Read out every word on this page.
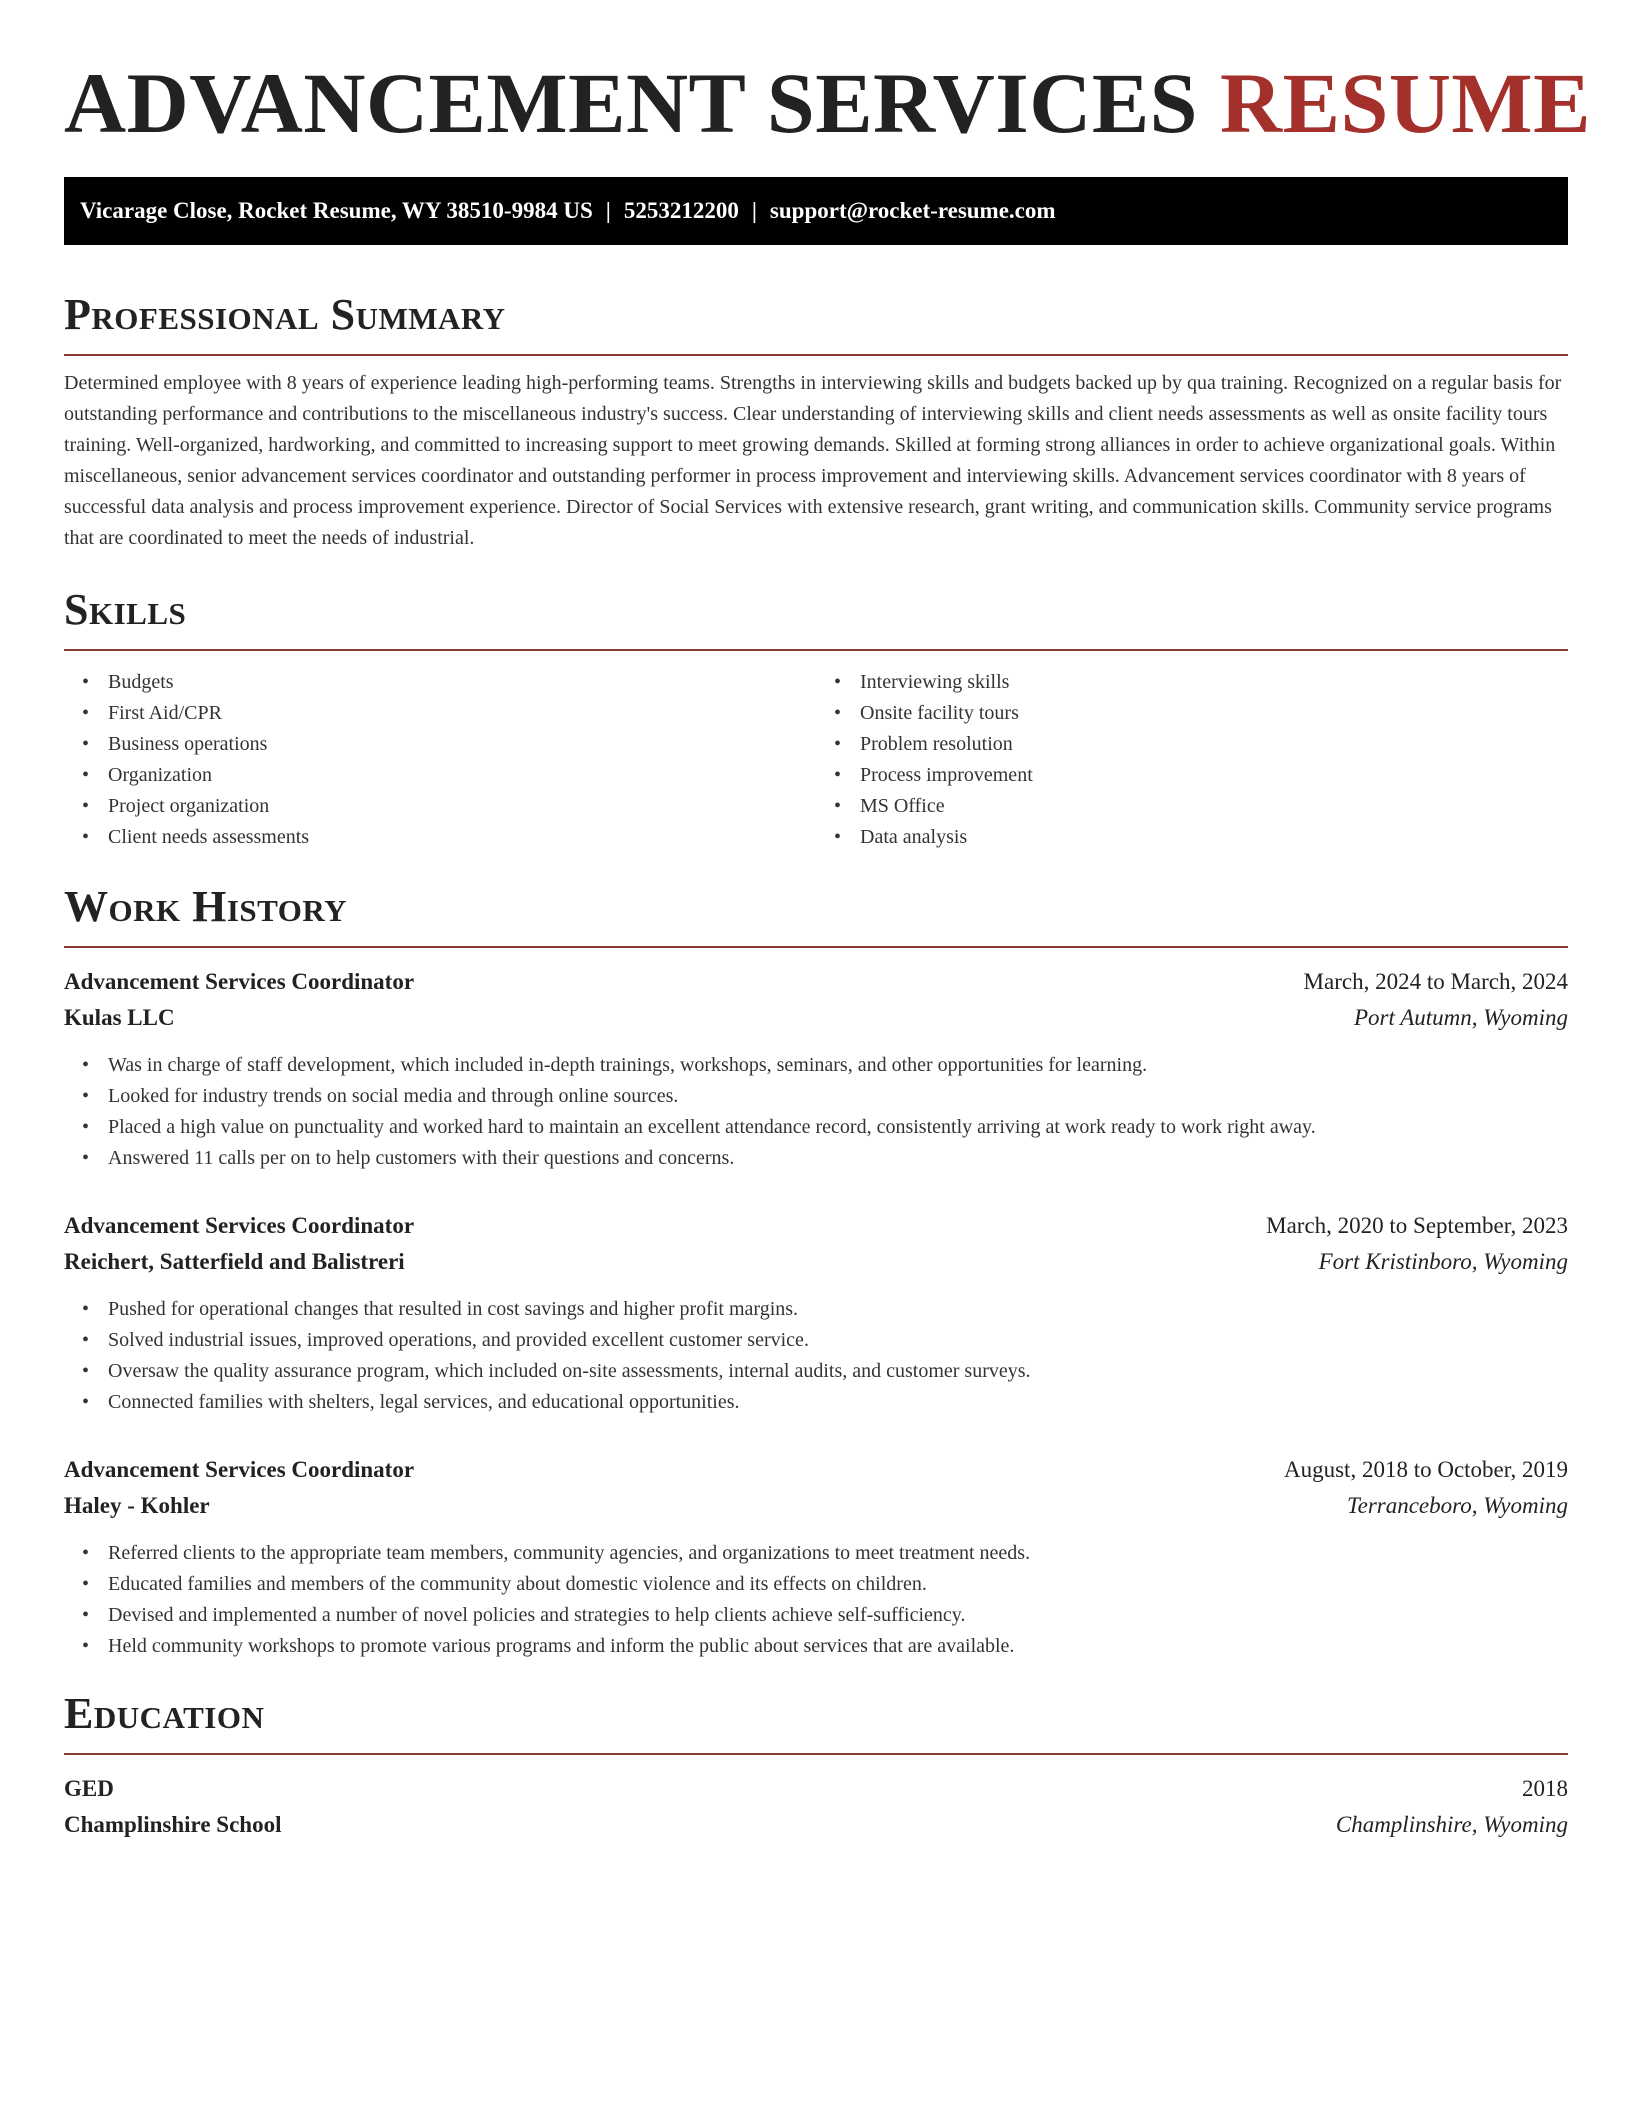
ADVANCEMENT SERVICES RESUME
Vicarage Close, Rocket Resume, WY 38510-9984 US | 5253212200 | support@rocket-resume.com
Professional Summary

Determined employee with 8 years of experience leading high-performing teams. Strengths in interviewing skills and budgets backed up by qua training. Recognized on a regular basis for outstanding performance and contributions to the miscellaneous industry's success. Clear understanding of interviewing skills and client needs assessments as well as onsite facility tours training. Well-organized, hardworking, and committed to increasing support to meet growing demands. Skilled at forming strong alliances in order to achieve organizational goals. Within miscellaneous, senior advancement services coordinator and outstanding performer in process improvement and interviewing skills. Advancement services coordinator with 8 years of successful data analysis and process improvement experience. Director of Social Services with extensive research, grant writing, and communication skills. Community service programs that are coordinated to meet the needs of industrial.

Skills
• Budgets
• First Aid/CPR
• Business operations
• Organization
• Project organization
• Client needs assessments
• Interviewing skills
• Onsite facility tours
• Problem resolution
• Process improvement
• MS Office
• Data analysis
Work History
Advancement Services Coordinator	March, 2024 to March, 2024
Kulas LLC	Port Autumn, Wyoming
• Was in charge of staff development, which included in-depth trainings, workshops, seminars, and other opportunities for learning.
• Looked for industry trends on social media and through online sources.
• Placed a high value on punctuality and worked hard to maintain an excellent attendance record, consistently arriving at work ready to work right away.
• Answered 11 calls per on to help customers with their questions and concerns.
Advancement Services Coordinator	March, 2020 to September, 2023
Reichert, Satterfield and Balistreri	Fort Kristinboro, Wyoming
• Pushed for operational changes that resulted in cost savings and higher profit margins.
• Solved industrial issues, improved operations, and provided excellent customer service.
• Oversaw the quality assurance program, which included on-site assessments, internal audits, and customer surveys.
• Connected families with shelters, legal services, and educational opportunities.
Advancement Services Coordinator	August, 2018 to October, 2019
Haley - Kohler	Terranceboro, Wyoming
• Referred clients to the appropriate team members, community agencies, and organizations to meet treatment needs.
• Educated families and members of the community about domestic violence and its effects on children.
• Devised and implemented a number of novel policies and strategies to help clients achieve self-sufficiency.
• Held community workshops to promote various programs and inform the public about services that are available.
Education
GED	2018
Champlinshire School	Champlinshire, Wyoming
